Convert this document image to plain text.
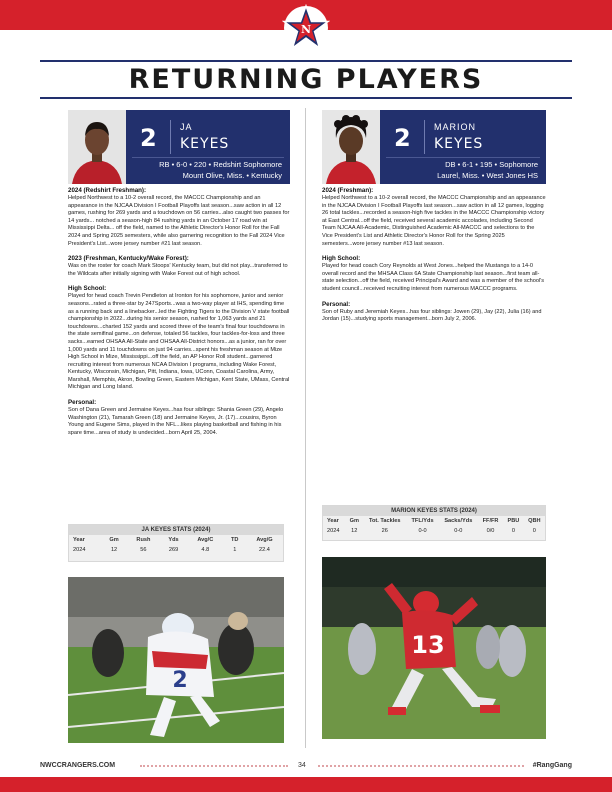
N
RETURNING PLAYERS
2	JA
KEYES
RB • 6-0 • 220 • Redshirt Sophomore
Mount Olive, Miss. • Kentucky
2	MARION
KEYES
DB • 6-1 • 195 • Sophomore
Laurel, Miss. • West Jones HS
2024 (Redshirt Freshman):

Helped Northwest to a 10-2 overall record, the MACCC Championship and an appearance in the NJCAA Division I Football Playoffs last season...saw action in all 12 games, rushing for 269 yards and a touchdown on 56 carries...also caught two passes for 14 yards... notched a season-high 84 rushing yards in an October 17 road win at Mississippi Delta... off the field, named to the Athletic Director's Honor Roll for the Fall 2024 and Spring 2025 semesters, while also garnering recognition to the Fall 2024 Vice President's List...wore jersey number #21 last season.

2023 (Freshman, Kentucky/Wake Forest):

Was on the roster for coach Mark Stoops' Kentucky team, but did not play...transferred to the Wildcats after initially signing with Wake Forest out of high school.

High School:

Played for head coach Trevin Pendleton at Ironton for his sophomore, junior and senior seasons...rated a three-star by 247Sports...was a two-way player at IHS, spending time as a running back and a linebacker...led the Fighting Tigers to the Division V state football championship in 2022...during his senior season, rushed for 1,063 yards and 21 touchdowns...charted 152 yards and scored three of the team's final four touchdowns in the state semifinal game...on defense, totaled 56 tackles, four tackles-for-loss and three sacks...earned OHSAA All-State and OHSAA All-District honors...as a junior, ran for over 1,000 yards and 11 touchdowns on just 94 carries...spent his freshman season at Mize High School in Mize, Mississippi...off the field, an AP Honor Roll student...garnered recruiting interest from numerous NCAA Division I programs, including Wake Forest, Kentucky, Wisconsin, Michigan, Pitt, Indiana, Iowa, UConn, Coastal Carolina, Army, Marshall, Memphis, Akron, Bowling Green, Eastern Michigan, Kent State, UMass, Central Michigan and Long Island.

Personal:

Son of Dana Green and Jermaine Keyes...has four siblings: Shania Green (29), Angelo Washington (21), Tamarah Green (18) and Jermaine Keyes, Jr. (17)...cousins, Byron Young and Eugene Sims, played in the NFL...likes playing basketball and fishing in his spare time...area of study is undecided...born April 25, 2004.

2024 (Freshman):

Helped Northwest to a 10-2 overall record, the MACCC Championship and an appearance in the NJCAA Division I Football Playoffs last season...saw action in all 12 games, logging 26 total tackles...recorded a season-high five tackles in the MACCC Championship victory at East Central...off the field, received several academic accolades, including Second Team NJCAA All-Academic, Distinguished Academic All-MACCC and selections to the Vice President's List and Athletic Director's Honor Roll for the Spring 2025 semesters...wore jersey number #13 last season.

High School:

Played for head coach Cory Reynolds at West Jones...helped the Mustangs to a 14-0 overall record and the MHSAA Class 6A State Championship last season...first team all-state selection...off the field, received Principal's Award and was a member of the school's student council...received recruiting interest from numerous MACCC programs.

Personal:

Son of Ruby and Jeremiah Keyes...has four siblings: Jowen (29), Jay (22), Julia (16) and Jordan (15)...studying sports management...born July 2, 2006.

JA KEYES STATS (2024)
Year	Gm	Rush	Yds	Avg/C	TD	Avg/G
2024	12	56	269	4.8	1	22.4
MARION KEYES STATS (2024)
Year	Gm	Tot. Tackles	TFL/Yds	Sacks/Yds	FF/FR	PBU	QBH
2024	12	26	0-0	0-0	0/0	0	0
2
13
NWCCRANGERS.COM	34	#RangGang
